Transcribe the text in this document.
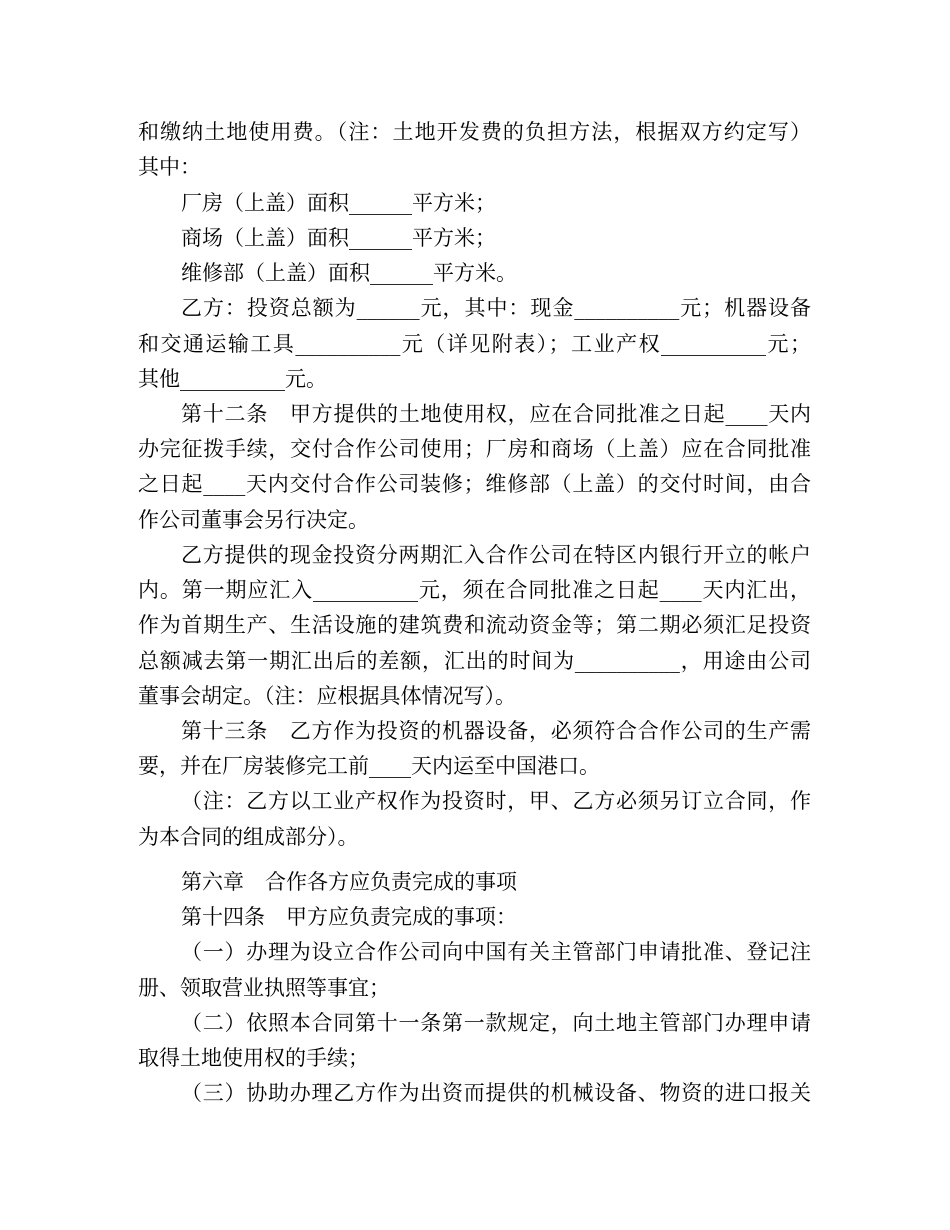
和缴纳土地使用费。（注：土地开发费的负担方法，根据双方约定写）
其中：
厂房（上盖）面积______平方米；
商场（上盖）面积______平方米；
维修部（上盖）面积______平方米。
乙方：投资总额为______元，其中：现金__________元；机器设备
和交通运输工具__________元（详见附表）；工业产权__________元；
其他__________元。
第十二条　甲方提供的土地使用权，应在合同批准之日起____天内
办完征拨手续，交付合作公司使用；厂房和商场（上盖）应在合同批准
之日起____天内交付合作公司装修；维修部（上盖）的交付时间，由合
作公司董事会另行决定。
乙方提供的现金投资分两期汇入合作公司在特区内银行开立的帐户
内。第一期应汇入__________元，须在合同批准之日起____天内汇出，
作为首期生产、生活设施的建筑费和流动资金等；第二期必须汇足投资
总额减去第一期汇出后的差额，汇出的时间为__________，用途由公司
董事会胡定。（注：应根据具体情况写）。
第十三条　乙方作为投资的机器设备，必须符合合作公司的生产需
要，并在厂房装修完工前____天内运至中国港口。
（注：乙方以工业产权作为投资时，甲、乙方必须另订立合同，作
为本合同的组成部分）。
第六章　合作各方应负责完成的事项
第十四条　甲方应负责完成的事项：
（一）办理为设立合作公司向中国有关主管部门申请批准、登记注
册、领取营业执照等事宜；
（二）依照本合同第十一条第一款规定，向土地主管部门办理申请
取得土地使用权的手续；
（三）协助办理乙方作为出资而提供的机械设备、物资的进口报关
